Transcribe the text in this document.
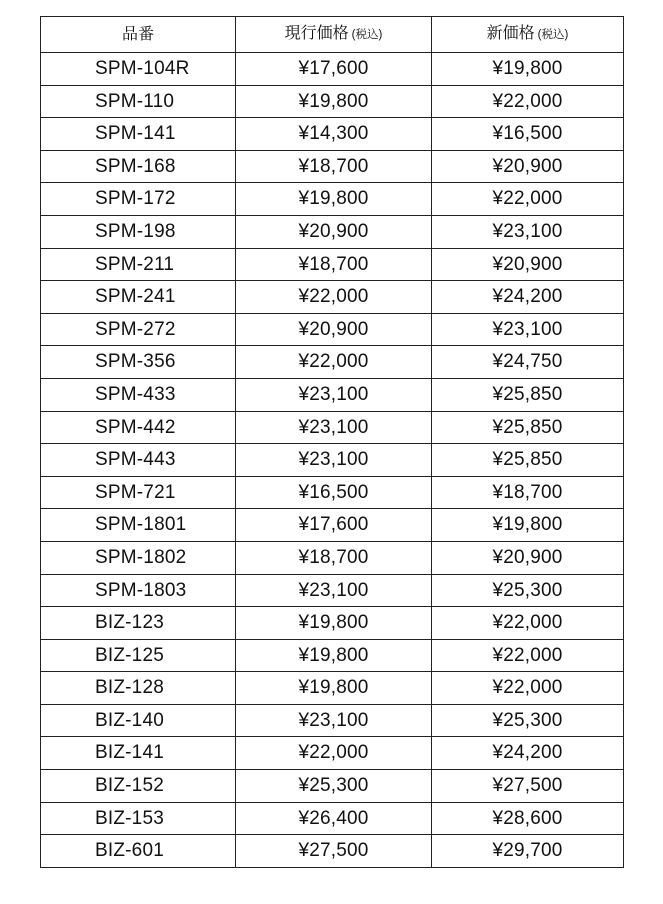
品番	現行価格 (税込)	新価格 (税込)
SPM-104R	¥17,600	¥19,800
SPM-110	¥19,800	¥22,000
SPM-141	¥14,300	¥16,500
SPM-168	¥18,700	¥20,900
SPM-172	¥19,800	¥22,000
SPM-198	¥20,900	¥23,100
SPM-211	¥18,700	¥20,900
SPM-241	¥22,000	¥24,200
SPM-272	¥20,900	¥23,100
SPM-356	¥22,000	¥24,750
SPM-433	¥23,100	¥25,850
SPM-442	¥23,100	¥25,850
SPM-443	¥23,100	¥25,850
SPM-721	¥16,500	¥18,700
SPM-1801	¥17,600	¥19,800
SPM-1802	¥18,700	¥20,900
SPM-1803	¥23,100	¥25,300
BIZ-123	¥19,800	¥22,000
BIZ-125	¥19,800	¥22,000
BIZ-128	¥19,800	¥22,000
BIZ-140	¥23,100	¥25,300
BIZ-141	¥22,000	¥24,200
BIZ-152	¥25,300	¥27,500
BIZ-153	¥26,400	¥28,600
BIZ-601	¥27,500	¥29,700
